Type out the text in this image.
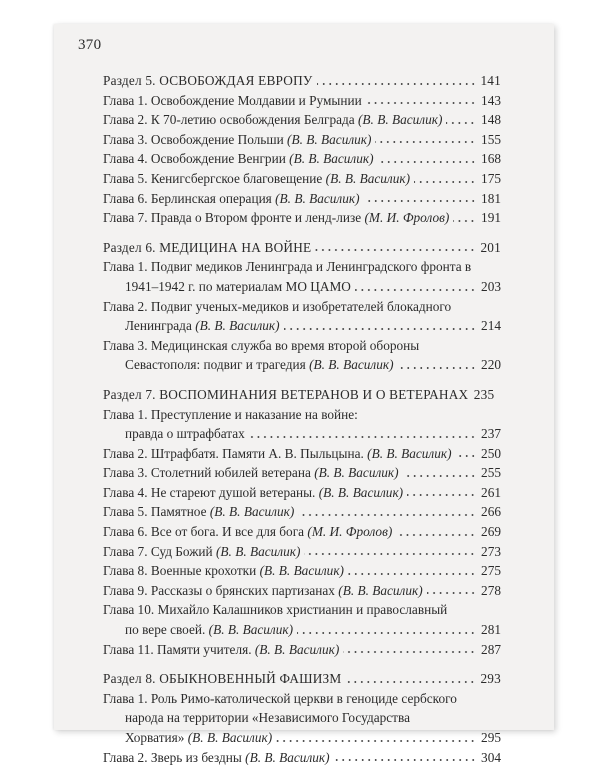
370
Раздел 5. ОСВОБОЖДАЯ ЕВРОПУ	141
Глава 1. Освобождение Молдавии и Румынии	143
Глава 2. К 70-летию освобождения Белграда (В. В. Василик)	148
Глава 3. Освобождение Польши (В. В. Василик)	155
Глава 4. Освобождение Венгрии (В. В. Василик)	168
Глава 5. Кенигсбергское благовещение (В. В. Василик)	175
Глава 6. Берлинская операция (В. В. Василик)	181
Глава 7. Правда о Втором фронте и ленд-лизе (М. И. Фролов) 191
Раздел 6. МЕДИЦИНА НА ВОЙНЕ	201
Глава 1. Подвиг медиков Ленинграда и Ленинградского фронта в
1941–1942 г. по материалам МО ЦАМО	203
Глава 2. Подвиг ученых-медиков и изобретателей блокадного
Ленинграда (В. В. Василик)	214
Глава 3. Медицинская служба во время второй обороны
Севастополя: подвиг и трагедия (В. В. Василик)	220
Раздел 7. ВОСПОМИНАНИЯ ВЕТЕРАНОВ И О ВЕТЕРАНАХ 235
Глава 1. Преступление и наказание на войне:
правда о штрафбатах	237
Глава 2. Штрафбатя. Памяти А. В. Пыльцына. (В. В. Василик) 250
Глава 3. Столетний юбилей ветерана (В. В. Василик)	255
Глава 4. Не стареют душой ветераны. (В. В. Василик)	261
Глава 5. Памятное (В. В. Василик)	266
Глава 6. Все от бога. И все для бога (М. И. Фролов)	269
Глава 7. Суд Божий (В. В. Василик)	273
Глава 8. Военные крохотки (В. В. Василик)	275
Глава 9. Рассказы о брянских партизанах (В. В. Василик)	278
Глава 10. Михайло Калашников христианин и православный
по вере своей. (В. В. Василик)	281
Глава 11. Памяти учителя. (В. В. Василик)	287
Раздел 8. ОБЫКНОВЕННЫЙ ФАШИЗМ	293
Глава 1. Роль Римо-католической церкви в геноциде сербского
народа на территории «Независимого Государства
Хорватия» (В. В. Василик)	295
Глава 2. Зверь из бездны (В. В. Василик)	304
